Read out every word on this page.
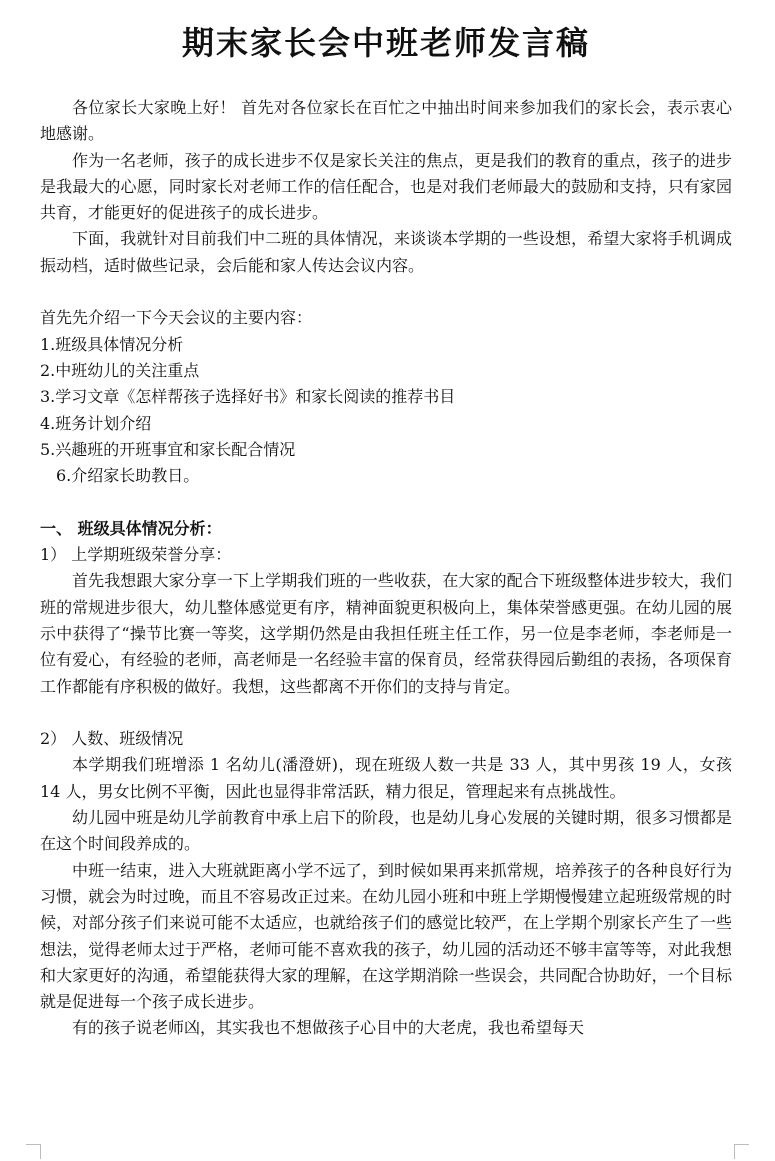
期末家长会中班老师发言稿

各位家长大家晚上好！ 首先对各位家长在百忙之中抽出时间来参加我们的家长会，表示衷心地感谢。

作为一名老师，孩子的成长进步不仅是家长关注的焦点，更是我们的教育的重点，孩子的进步是我最大的心愿，同时家长对老师工作的信任配合，也是对我们老师最大的鼓励和支持，只有家园共育，才能更好的促进孩子的成长进步。

下面，我就针对目前我们中二班的具体情况，来谈谈本学期的一些设想，希望大家将手机调成振动档，适时做些记录，会后能和家人传达会议内容。

首先先介绍一下今天会议的主要内容：

1.班级具体情况分析

2.中班幼儿的关注重点

3.学习文章《怎样帮孩子选择好书》和家长阅读的推荐书目

4.班务计划介绍

5.兴趣班的开班事宜和家长配合情况

6.介绍家长助教日。

一、 班级具体情况分析：

1） 上学期班级荣誉分享：

首先我想跟大家分享一下上学期我们班的一些收获，在大家的配合下班级整体进步较大，我们班的常规进步很大，幼儿整体感觉更有序，精神面貌更积极向上，集体荣誉感更强。在幼儿园的展示中获得了“操节比赛一等奖，这学期仍然是由我担任班主任工作，另一位是李老师，李老师是一位有爱心，有经验的老师，高老师是一名经验丰富的保育员，经常获得园后勤组的表扬，各项保育工作都能有序积极的做好。我想，这些都离不开你们的支持与肯定。

2） 人数、班级情况

本学期我们班增添 1 名幼儿(潘澄妍)，现在班级人数一共是 33 人，其中男孩 19 人，女孩 14 人，男女比例不平衡，因此也显得非常活跃，精力很足，管理起来有点挑战性。

幼儿园中班是幼儿学前教育中承上启下的阶段，也是幼儿身心发展的关键时期，很多习惯都是在这个时间段养成的。

中班一结束，进入大班就距离小学不远了，到时候如果再来抓常规，培养孩子的各种良好行为习惯，就会为时过晚，而且不容易改正过来。在幼儿园小班和中班上学期慢慢建立起班级常规的时候，对部分孩子们来说可能不太适应，也就给孩子们的感觉比较严，在上学期个别家长产生了一些想法，觉得老师太过于严格，老师可能不喜欢我的孩子，幼儿园的活动还不够丰富等等，对此我想和大家更好的沟通，希望能获得大家的理解，在这学期消除一些误会，共同配合协助好，一个目标就是促进每一个孩子成长进步。

有的孩子说老师凶，其实我也不想做孩子心目中的大老虎，我也希望每天
